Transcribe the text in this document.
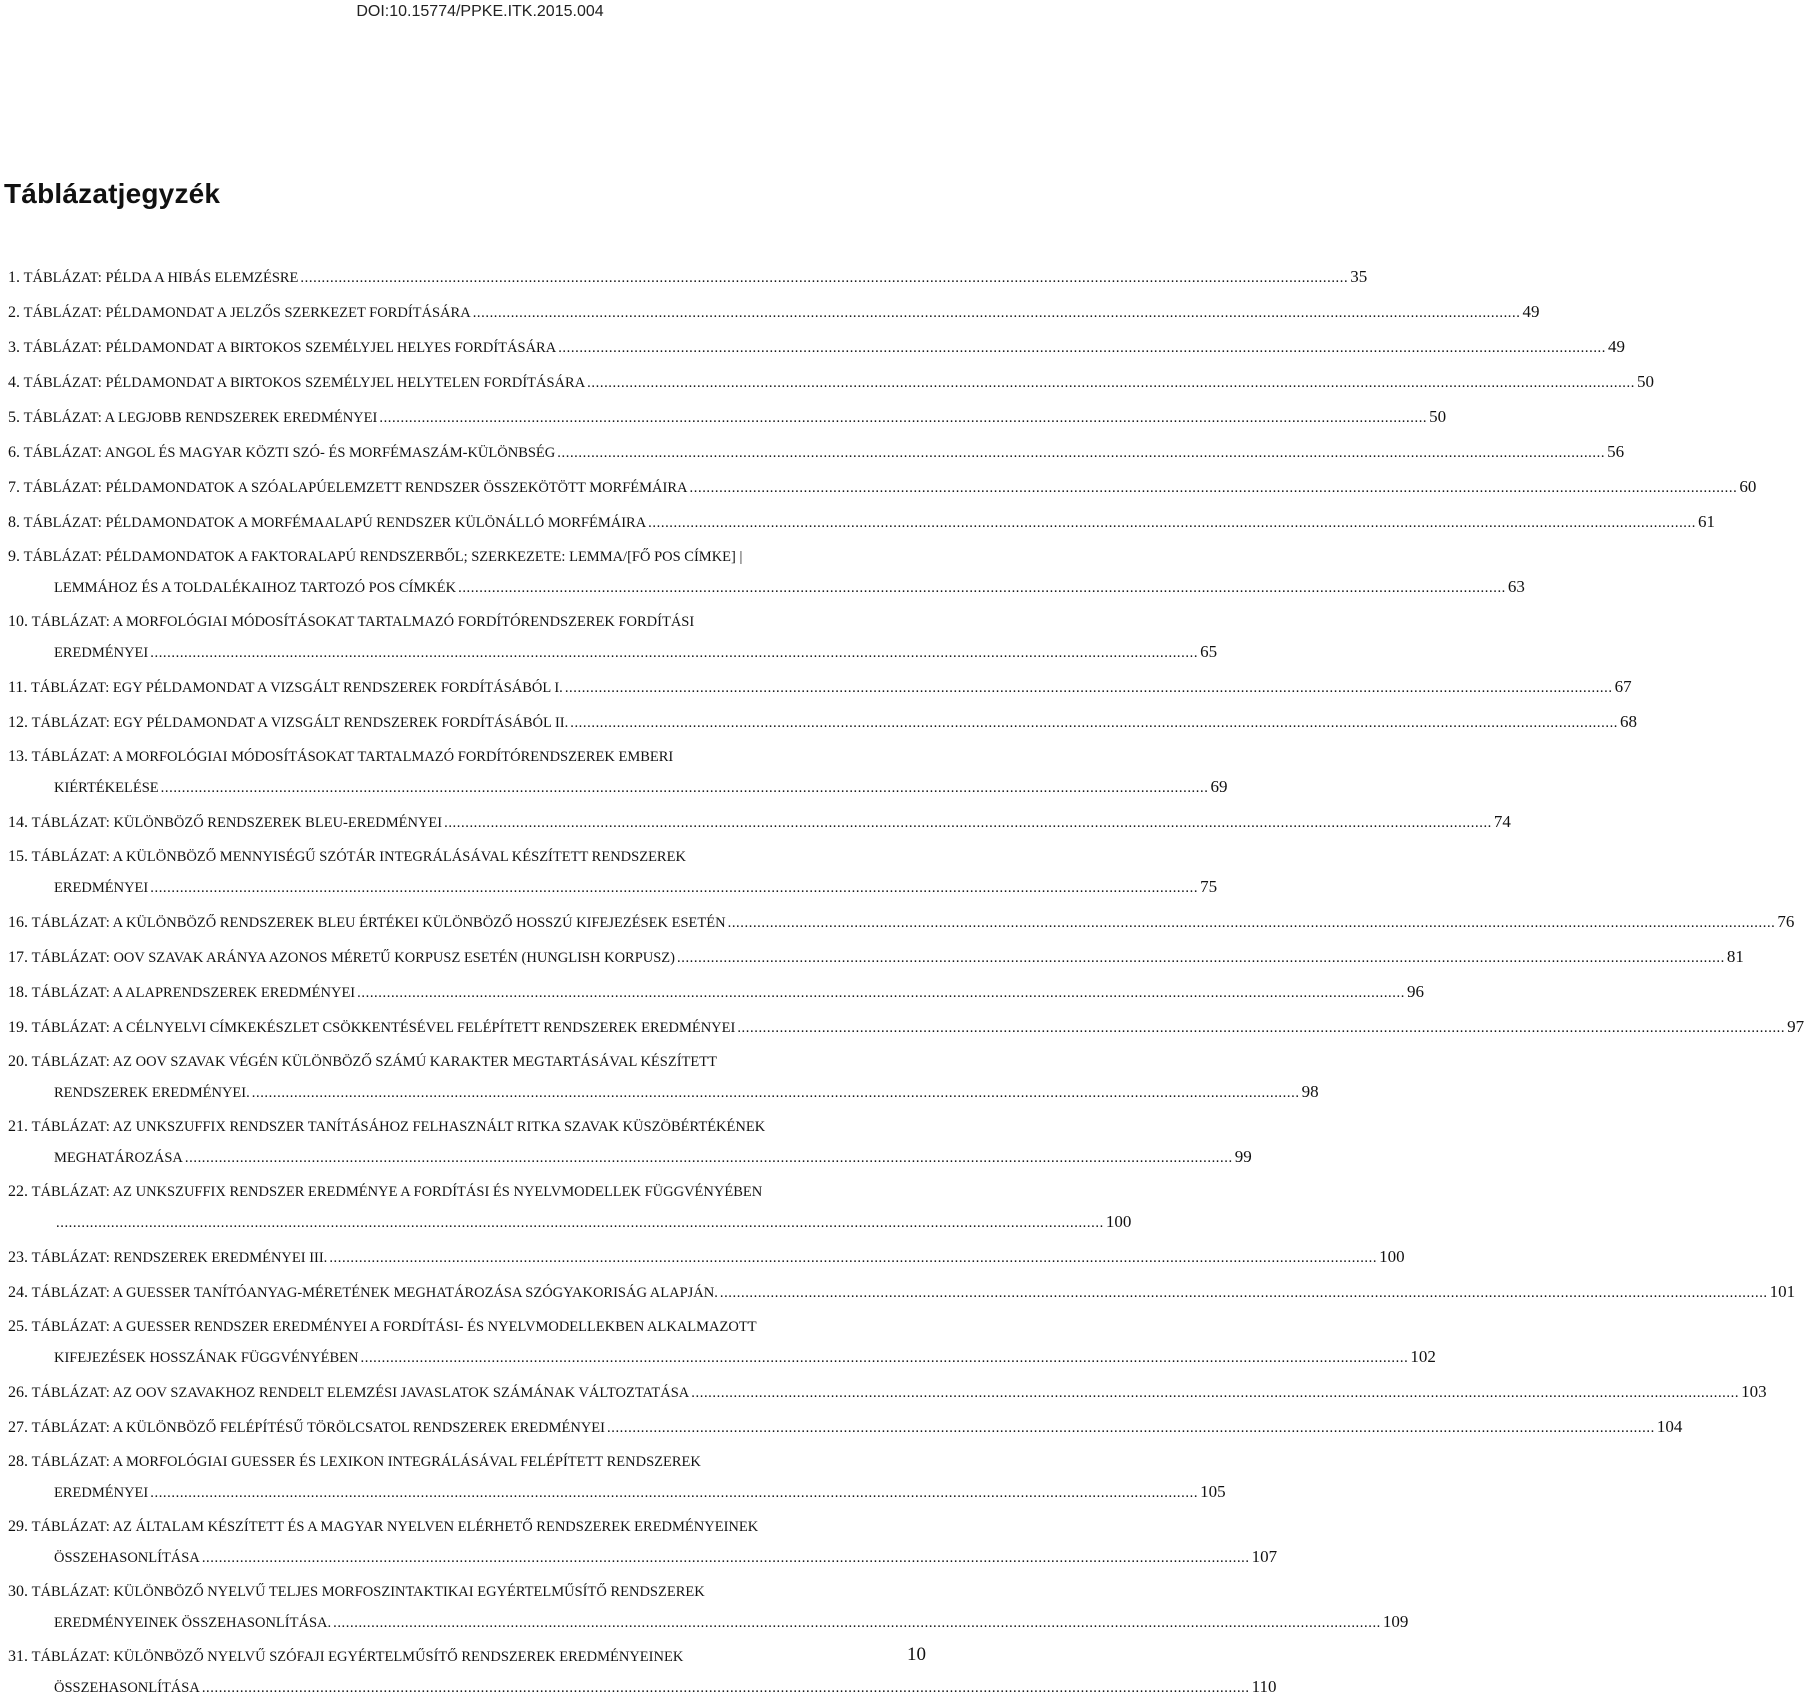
DOI:10.15774/PPKE.ITK.2015.004
Táblázatjegyzék
1.
TÁBLÁZAT: PÉLDA A HIBÁS ELEMZÉSRE .....	35
2.
TÁBLÁZAT: PÉLDAMONDAT A JELZŐS SZERKEZET FORDÍTÁSÁRA .....	49
3.
TÁBLÁZAT: PÉLDAMONDAT A BIRTOKOS SZEMÉLYJEL HELYES FORDÍTÁSÁRA .....	49
4.
TÁBLÁZAT: PÉLDAMONDAT A BIRTOKOS SZEMÉLYJEL HELYTELEN FORDÍTÁSÁRA .....	50
5.
TÁBLÁZAT: A LEGJOBB RENDSZEREK EREDMÉNYEI .....	50
6.
TÁBLÁZAT: ANGOL ÉS MAGYAR KÖZTI SZÓ- ÉS MORFÉMASZÁM-KÜLÖNBSÉG .....	56
7.
TÁBLÁZAT: PÉLDAMONDATOK A SZÓALAPÚELEMZETT RENDSZER ÖSSZEKÖTÖTT MORFÉMÁIRA .....	60
8.
TÁBLÁZAT: PÉLDAMONDATOK A MORFÉMAALAPÚ RENDSZER KÜLÖNÁLLÓ MORFÉMÁIRA .....	61
9.
TÁBLÁZAT: PÉLDAMONDATOK A FAKTORALAPÚ RENDSZERBŐL; SZERKEZETE: LEMMA/[FŐ POS CÍMKE] |
LEMMÁHOZ ÉS A TOLDALÉKAIHOZ TARTOZÓ POS CÍMKÉK .....	63
10.
TÁBLÁZAT: A MORFOLÓGIAI MÓDOSÍTÁSOKAT TARTALMAZÓ FORDÍTÓRENDSZEREK FORDÍTÁSI
EREDMÉNYEI .....	65
11.
TÁBLÁZAT: EGY PÉLDAMONDAT A VIZSGÁLT RENDSZEREK FORDÍTÁSÁBÓL I. .....	67
12.
TÁBLÁZAT: EGY PÉLDAMONDAT A VIZSGÁLT RENDSZEREK FORDÍTÁSÁBÓL II. .....	68
13.
TÁBLÁZAT: A MORFOLÓGIAI MÓDOSÍTÁSOKAT TARTALMAZÓ FORDÍTÓRENDSZEREK EMBERI
KIÉRTÉKELÉSE .....	69
14.
TÁBLÁZAT: KÜLÖNBÖZŐ RENDSZEREK BLEU-EREDMÉNYEI .....	74
15.
TÁBLÁZAT: A KÜLÖNBÖZŐ MENNYISÉGŰ SZÓTÁR INTEGRÁLÁSÁVAL KÉSZÍTETT RENDSZEREK
EREDMÉNYEI .....	75
16.
TÁBLÁZAT: A KÜLÖNBÖZŐ RENDSZEREK BLEU ÉRTÉKEI KÜLÖNBÖZŐ HOSSZÚ KIFEJEZÉSEK ESETÉN .....	76
17.
TÁBLÁZAT: OOV SZAVAK ARÁNYA AZONOS MÉRETŰ KORPUSZ ESETÉN (HUNGLISH KORPUSZ) .....	81
18.
TÁBLÁZAT: A ALAPRENDSZEREK EREDMÉNYEI .....	96
19.
TÁBLÁZAT: A CÉLNYELVI CÍMKEKÉSZLET CSÖKKENTÉSÉVEL FELÉPÍTETT RENDSZEREK EREDMÉNYEI .....	97
20.
TÁBLÁZAT: AZ OOV SZAVAK VÉGÉN KÜLÖNBÖZŐ SZÁMÚ KARAKTER MEGTARTÁSÁVAL KÉSZÍTETT
RENDSZEREK EREDMÉNYEI. .....	98
21.
TÁBLÁZAT: AZ UNKSZUFFIX RENDSZER TANÍTÁSÁHOZ FELHASZNÁLT RITKA SZAVAK KÜSZÖBÉRTÉKÉNEK
MEGHATÁROZÁSA .....	99
22.
TÁBLÁZAT: AZ UNKSZUFFIX RENDSZER EREDMÉNYE A FORDÍTÁSI ÉS NYELVMODELLEK FÜGGVÉNYÉBEN
.....
100
23.
TÁBLÁZAT: RENDSZEREK EREDMÉNYEI III. .....	100
24.
TÁBLÁZAT: A GUESSER TANÍTÓANYAG-MÉRETÉNEK MEGHATÁROZÁSA SZÓGYAKORISÁG ALAPJÁN. .....	101
25.
TÁBLÁZAT: A GUESSER RENDSZER EREDMÉNYEI A FORDÍTÁSI- ÉS NYELVMODELLEKBEN ALKALMAZOTT
KIFEJEZÉSEK HOSSZÁNAK FÜGGVÉNYÉBEN .....	102
26.
TÁBLÁZAT: AZ OOV SZAVAKHOZ RENDELT ELEMZÉSI JAVASLATOK SZÁMÁNAK VÁLTOZTATÁSA .....	103
27.
TÁBLÁZAT: A KÜLÖNBÖZŐ FELÉPÍTÉSŰ TÖRÖLCSATOL RENDSZEREK EREDMÉNYEI .....	104
28.
TÁBLÁZAT: A MORFOLÓGIAI GUESSER ÉS LEXIKON INTEGRÁLÁSÁVAL FELÉPÍTETT RENDSZEREK
EREDMÉNYEI .....	105
29.
TÁBLÁZAT: AZ ÁLTALAM KÉSZÍTETT ÉS A MAGYAR NYELVEN ELÉRHETŐ RENDSZEREK EREDMÉNYEINEK
ÖSSZEHASONLÍTÁSA .....	107
30.
TÁBLÁZAT: KÜLÖNBÖZŐ NYELVŰ TELJES MORFOSZINTAKTIKAI EGYÉRTELMŰSÍTŐ RENDSZEREK
EREDMÉNYEINEK ÖSSZEHASONLÍTÁSA. .....	109
31.
TÁBLÁZAT: KÜLÖNBÖZŐ NYELVŰ SZÓFAJI EGYÉRTELMŰSÍTŐ RENDSZEREK EREDMÉNYEINEK
ÖSSZEHASONLÍTÁSA .....	110
10
